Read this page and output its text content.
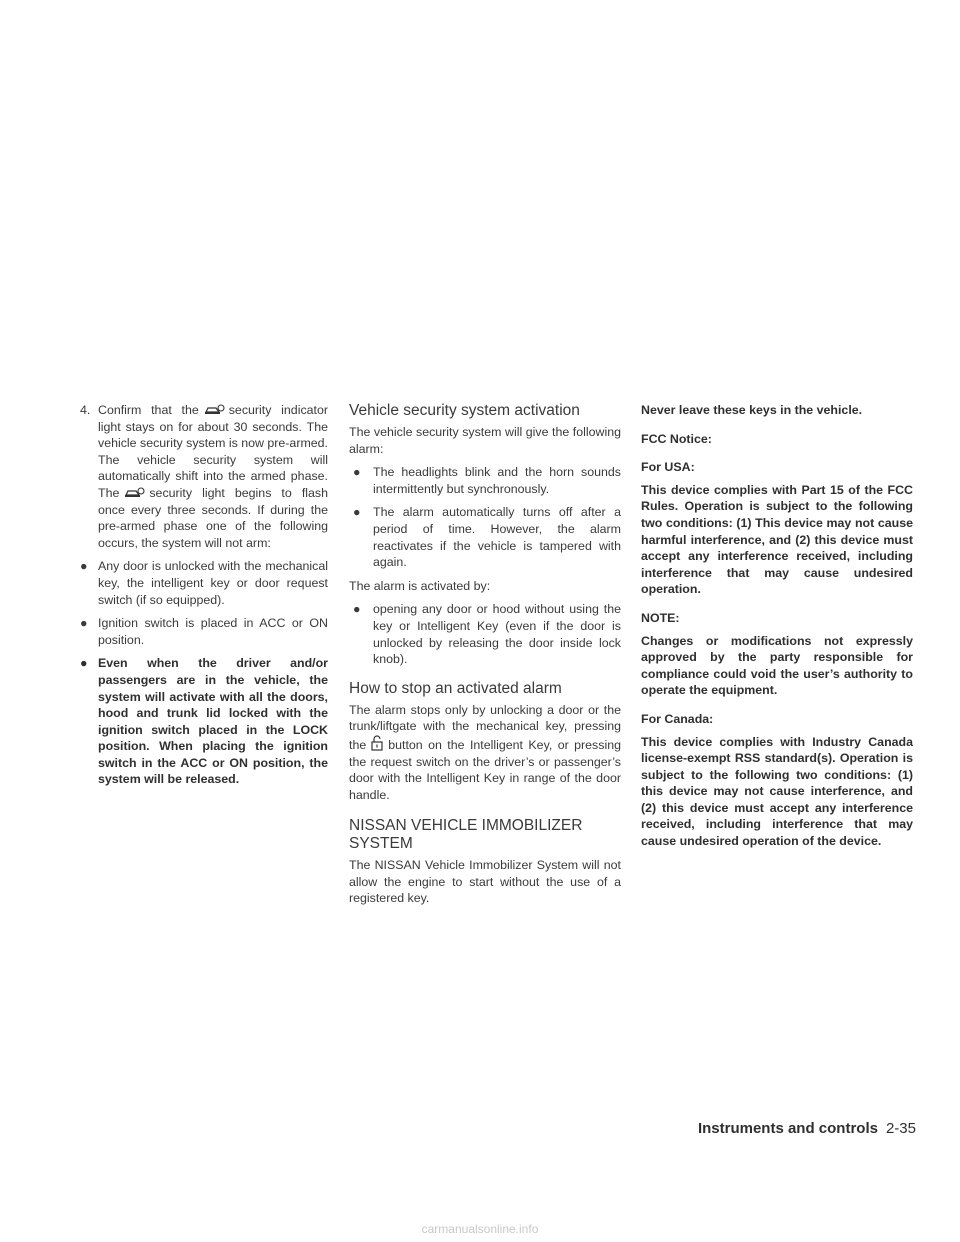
4. Confirm that the security indicator light stays on for about 30 seconds. The vehicle security system is now pre-armed. The vehicle security system will automatically shift into the armed phase. The security light begins to flash once every three seconds. If during the pre-armed phase one of the following occurs, the system will not arm:
● Any door is unlocked with the mechanical key, the intelligent key or door request switch (if so equipped).
● Ignition switch is placed in ACC or ON position.
● Even when the driver and/or passengers are in the vehicle, the system will activate with all the doors, hood and trunk lid locked with the ignition switch placed in the LOCK position. When placing the ignition switch in the ACC or ON position, the system will be released.
Vehicle security system activation

The vehicle security system will give the following alarm:

● The headlights blink and the horn sounds intermittently but synchronously.
● The alarm automatically turns off after a period of time. However, the alarm reactivates if the vehicle is tampered with again.

The alarm is activated by:

● opening any door or hood without using the key or Intelligent Key (even if the door is unlocked by releasing the door inside lock knob).
How to stop an activated alarm

The alarm stops only by unlocking a door or the trunk/liftgate with the mechanical key, pressing the button on the Intelligent Key, or pressing the request switch on the driver’s or passenger’s door with the Intelligent Key in range of the door handle.

NISSAN VEHICLE IMMOBILIZER
SYSTEM

The NISSAN Vehicle Immobilizer System will not allow the engine to start without the use of a registered key.

Never leave these keys in the vehicle.

FCC Notice:

For USA:

This device complies with Part 15 of the FCC Rules. Operation is subject to the following two conditions: (1) This device may not cause harmful interference, and (2) this device must accept any interference received, including interference that may cause undesired operation.

NOTE:

Changes or modifications not expressly approved by the party responsible for compliance could void the user’s authority to operate the equipment.

For Canada:

This device complies with Industry Canada license-exempt RSS standard(s). Operation is subject to the following two conditions: (1) this device may not cause interference, and (2) this device must accept any interference received, including interference that may cause undesired operation of the device.

Instruments and controls 2-35
carmanualsonline.info
